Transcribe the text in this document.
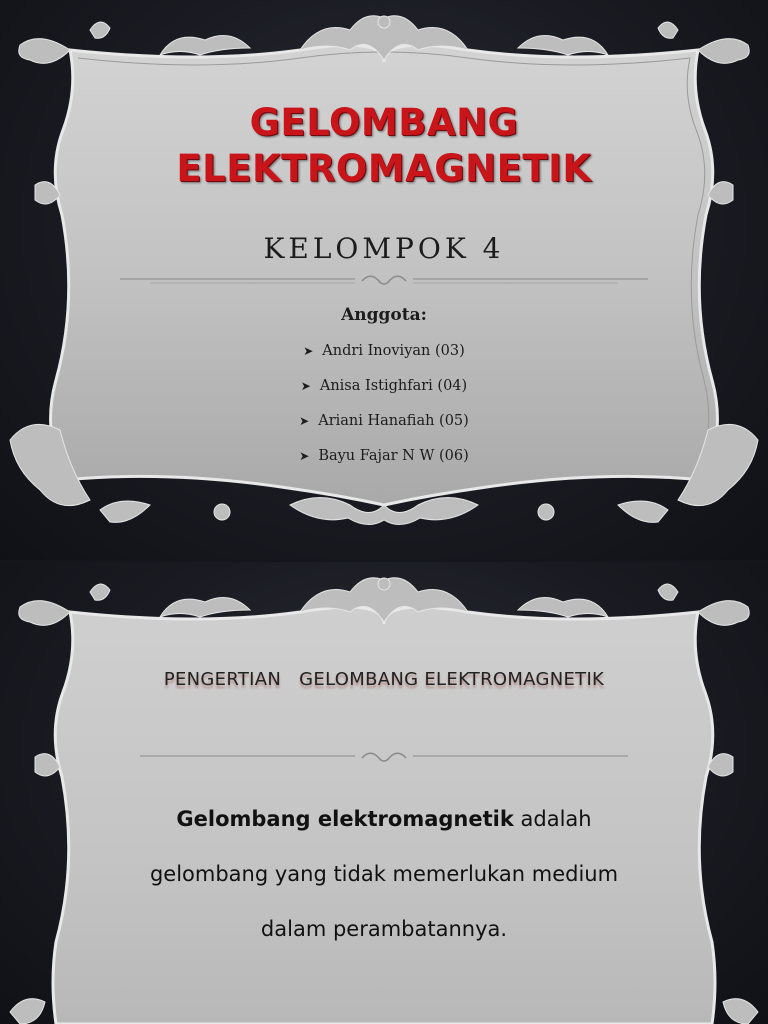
GELOMBANG
ELEKTROMAGNETIK
KELOMPOK 4
Anggota:
➤ Andri Inoviyan (03)
➤ Anisa Istighfari (04)
➤ Ariani Hanafiah (05)
➤ Bayu Fajar N W (06)
PENGERTIAN   GELOMBANG ELEKTROMAGNETIK
Gelombang elektromagnetik adalah
gelombang yang tidak memerlukan medium
dalam perambatannya.
